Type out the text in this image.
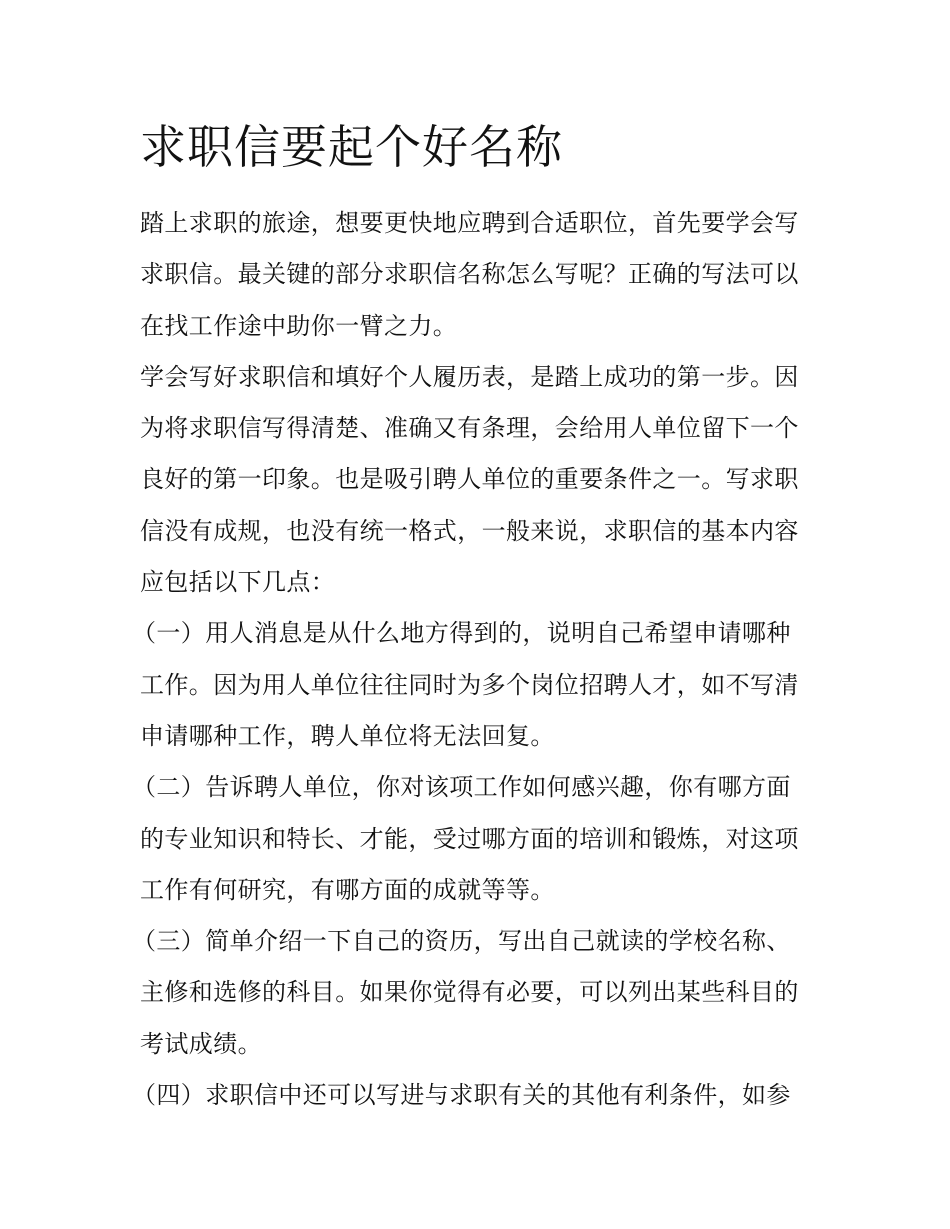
求职信要起个好名称
踏上求职的旅途，想要更快地应聘到合适职位，首先要学会写
求职信。最关键的部分求职信名称怎么写呢？正确的写法可以
在找工作途中助你一臂之力。
学会写好求职信和填好个人履历表，是踏上成功的第一步。因
为将求职信写得清楚、准确又有条理，会给用人单位留下一个
良好的第一印象。也是吸引聘人单位的重要条件之一。写求职
信没有成规，也没有统一格式，一般来说，求职信的基本内容
应包括以下几点：
（一）用人消息是从什么地方得到的，说明自己希望申请哪种
工作。因为用人单位往往同时为多个岗位招聘人才，如不写清
申请哪种工作，聘人单位将无法回复。
（二）告诉聘人单位，你对该项工作如何感兴趣，你有哪方面
的专业知识和特长、才能，受过哪方面的培训和锻炼，对这项
工作有何研究，有哪方面的成就等等。
（三）简单介绍一下自己的资历，写出自己就读的学校名称、
主修和选修的科目。如果你觉得有必要，可以列出某些科目的
考试成绩。
（四）求职信中还可以写进与求职有关的其他有利条件，如参
